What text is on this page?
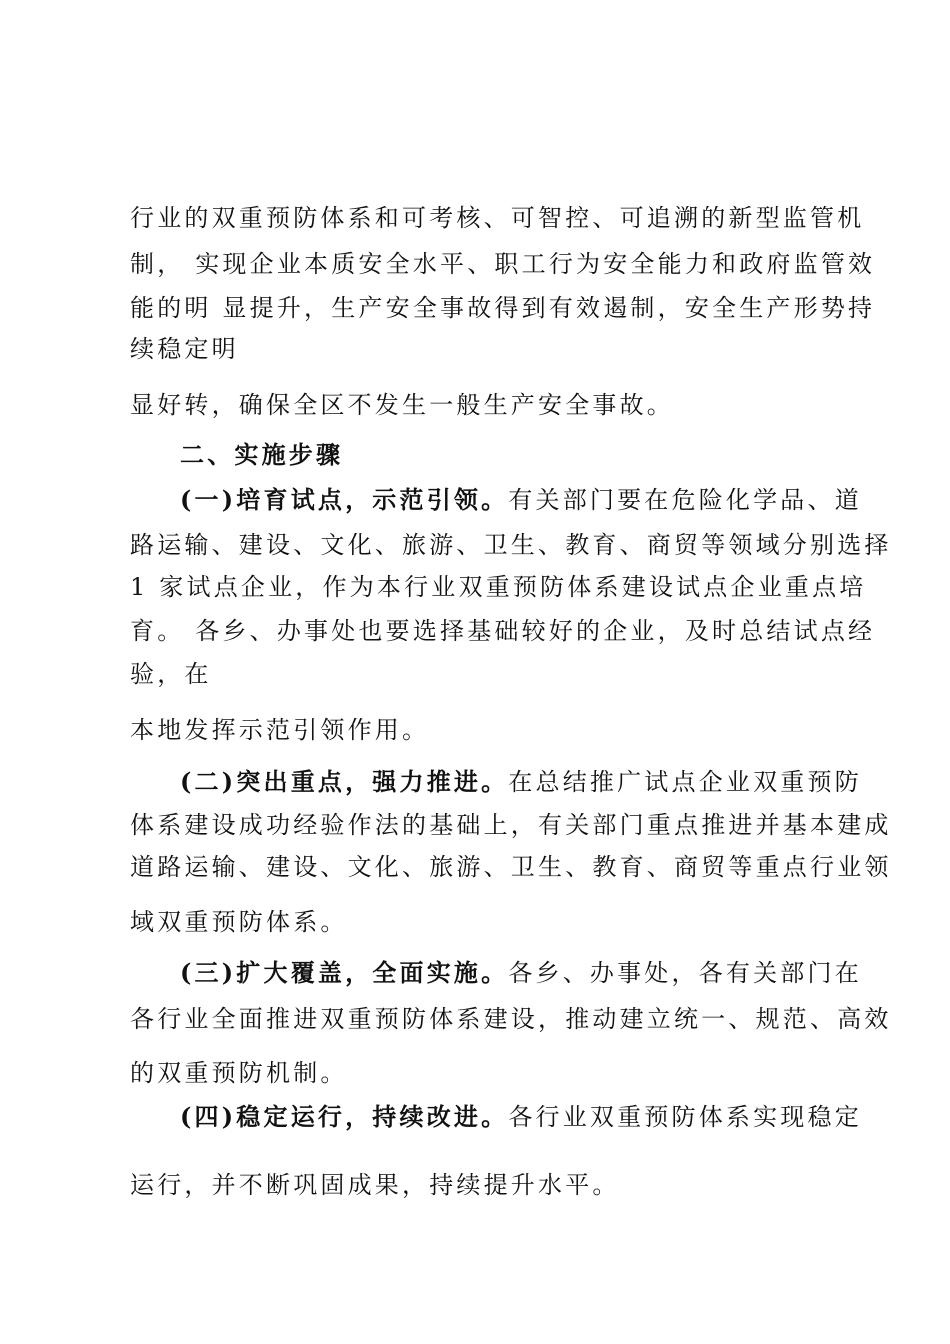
行业的双重预防体系和可考核、可智控、可追溯的新型监管机
制， 实现企业本质安全水平、职工行为安全能力和政府监管效
能的明 显提升，生产安全事故得到有效遏制，安全生产形势持
续稳定明
显好转，确保全区不发生一般生产安全事故。
二、实施步骤
(一)培育试点，示范引领。有关部门要在危险化学品、道
路运输、建设、文化、旅游、卫生、教育、商贸等领域分别选择
1 家试点企业，作为本行业双重预防体系建设试点企业重点培
育。 各乡、办事处也要选择基础较好的企业，及时总结试点经
验，在
本地发挥示范引领作用。
(二)突出重点，强力推进。在总结推广试点企业双重预防
体系建设成功经验作法的基础上，有关部门重点推进并基本建成
道路运输、建设、文化、旅游、卫生、教育、商贸等重点行业领
域双重预防体系。
(三)扩大覆盖，全面实施。各乡、办事处，各有关部门在
各行业全面推进双重预防体系建设，推动建立统一、规范、高效
的双重预防机制。
(四)稳定运行，持续改进。各行业双重预防体系实现稳定
运行，并不断巩固成果，持续提升水平。
